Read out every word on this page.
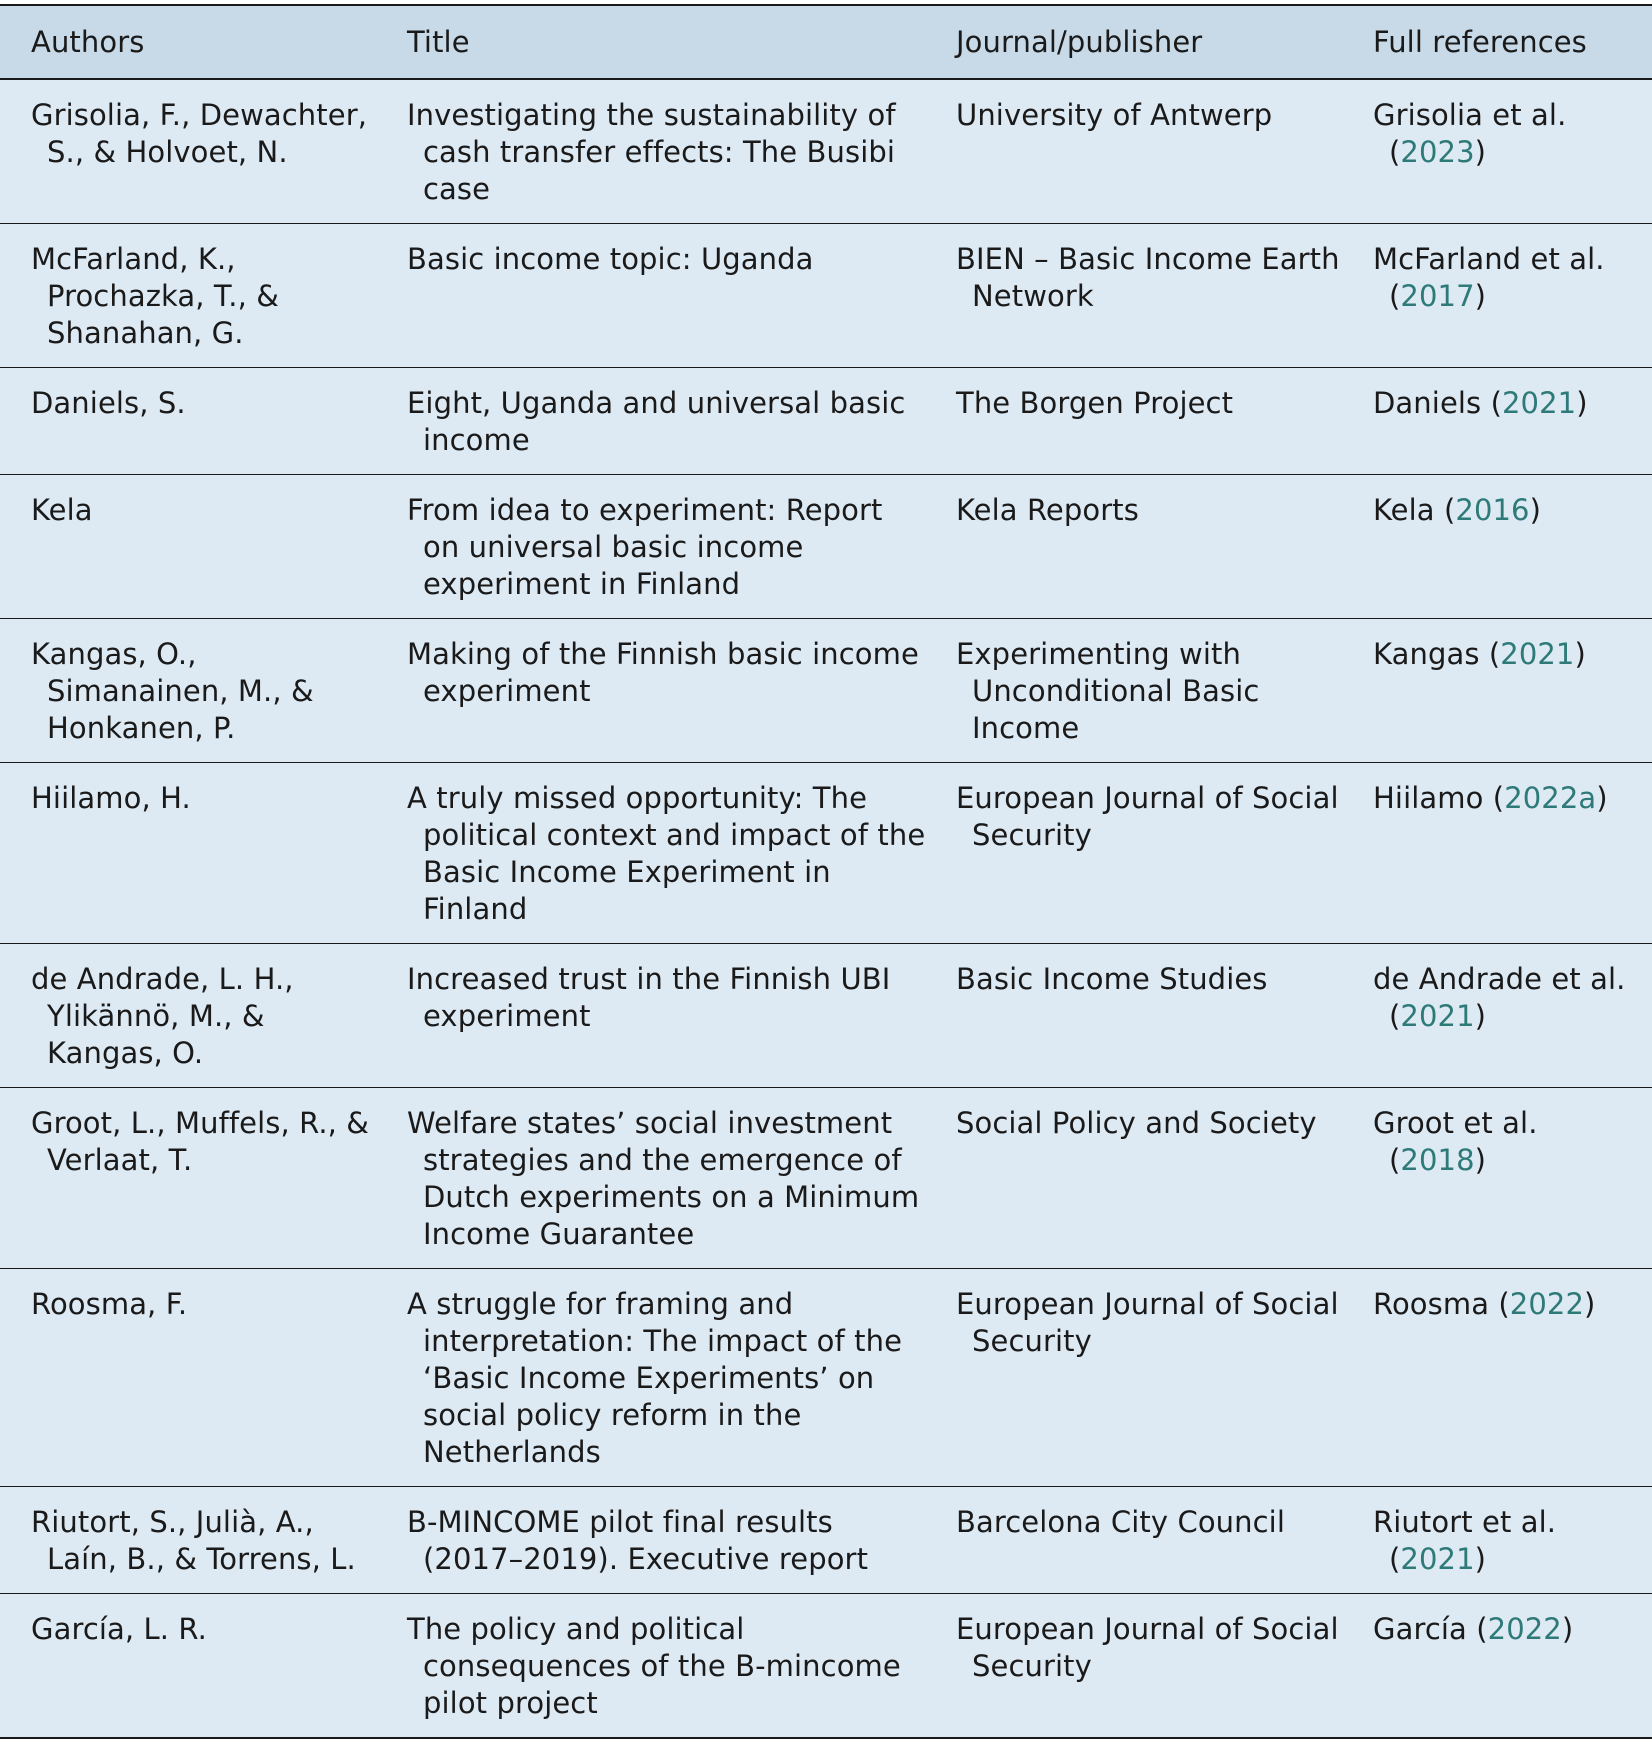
Authors	Title	Journal/publisher	Full references
Grisolia, F., Dewachter, S., & Holvoet, N.	Investigating the sustainability of cash transfer effects: The Busibi case	University of Antwerp	Grisolia et al. (2023)
McFarland, K., Prochazka, T., & Shanahan, G.	Basic income topic: Uganda	BIEN – Basic Income Earth Network	McFarland et al. (2017)
Daniels, S.	Eight, Uganda and universal basic income	The Borgen Project	Daniels (2021)
Kela	From idea to experiment: Report on universal basic income experiment in Finland	Kela Reports	Kela (2016)
Kangas, O., Simanainen, M., & Honkanen, P.	Making of the Finnish basic income experiment	Experimenting with Unconditional Basic Income	Kangas (2021)
Hiilamo, H.	A truly missed opportunity: The political context and impact of the Basic Income Experiment in Finland	European Journal of Social Security	Hiilamo (2022a)
de Andrade, L. H., Ylikännö, M., & Kangas, O.	Increased trust in the Finnish UBI experiment	Basic Income Studies	de Andrade et al. (2021)
Groot, L., Muffels, R., & Verlaat, T.	Welfare states’ social investment strategies and the emergence of Dutch experiments on a Minimum Income Guarantee	Social Policy and Society	Groot et al. (2018)
Roosma, F.	A struggle for framing and interpretation: The impact of the ‘Basic Income Experiments’ on social policy reform in the Netherlands	European Journal of Social Security	Roosma (2022)
Riutort, S., Julià, A., Laín, B., & Torrens, L.	B-MINCOME pilot final results (2017–2019). Executive report	Barcelona City Council	Riutort et al. (2021)
García, L. R.	The policy and political consequences of the B-mincome pilot project	European Journal of Social Security	García (2022)
